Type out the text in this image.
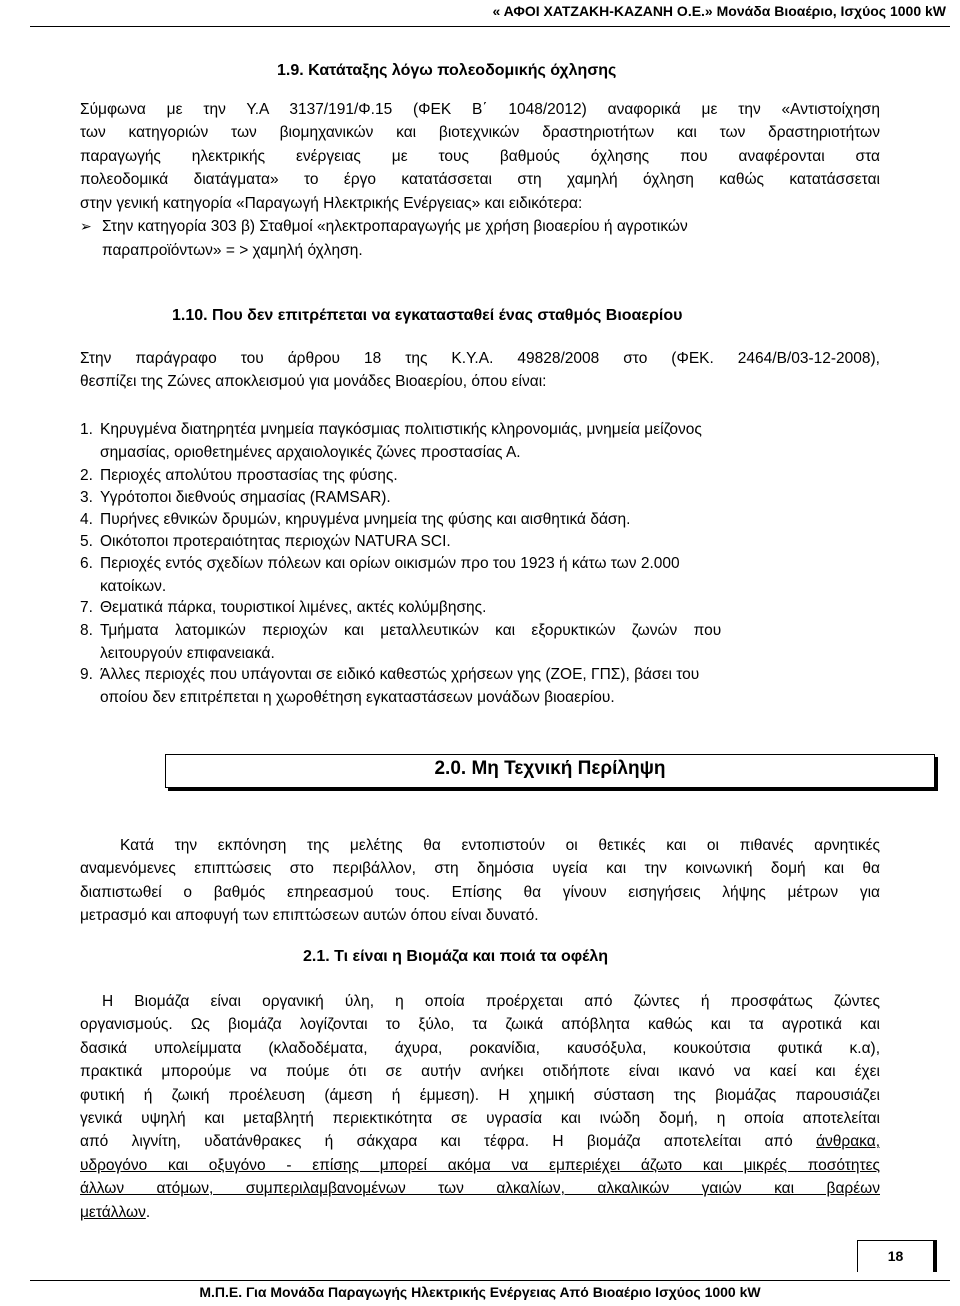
« ΑΦΟΙ ΧΑΤΖΑΚΗ-ΚΑΖΑΝΗ Ο.Ε.» Μονάδα Βιοαέριο, Ισχύος 1000 kW
1.9. Κατάταξης λόγω πολεοδομικής όχλησης
Σύμφωνα με την Υ.Α 3137/191/Φ.15 (ΦΕΚ Β΄ 1048/2012) αναφορικά με την «Αντιστοίχηση
των κατηγοριών των βιομηχανικών και βιοτεχνικών δραστηριοτήτων και των δραστηριοτήτων
παραγωγής ηλεκτρικής ενέργειας με τους βαθμούς όχλησης που αναφέρονται στα
πολεοδομικά διατάγματα» το έργο κατατάσσεται στη χαμηλή όχληση καθώς κατατάσσεται
στην γενική κατηγορία «Παραγωγή Ηλεκτρικής Ενέργειας» και ειδικότερα:
➢ Στην κατηγορία 303 β) Σταθμοί «ηλεκτροπαραγωγής με χρήση βιοαερίου ή αγροτικών
παραπροϊόντων» = > χαμηλή όχληση.
1.10. Που δεν επιτρέπεται να εγκατασταθεί ένας σταθμός Βιοαερίου
Στην παράγραφο του άρθρου 18 της Κ.Υ.Α. 49828/2008 στο (ΦΕΚ. 2464/Β/03-12-2008),
θεσπίζει της Ζώνες αποκλεισμού για μονάδες Βιοαερίου, όπου είναι:
1. Κηρυγμένα διατηρητέα μνημεία παγκόσμιας πολιτιστικής κληρονομιάς, μνημεία μείζονος
σημασίας, οριοθετημένες αρχαιολογικές ζώνες προστασίας Α.
2. Περιοχές απολύτου προστασίας της φύσης.
3. Υγρότοποι διεθνούς σημασίας (RAMSAR).
4. Πυρήνες εθνικών δρυμών, κηρυγμένα μνημεία της φύσης και αισθητικά δάση.
5. Οικότοποι προτεραιότητας περιοχών NATURA SCI.
6. Περιοχές εντός σχεδίων πόλεων και ορίων οικισμών προ του 1923 ή κάτω των 2.000
κατοίκων.
7. Θεματικά πάρκα, τουριστικοί λιμένες, ακτές κολύμβησης.
8. Τμήματα λατομικών περιοχών και μεταλλευτικών και εξορυκτικών ζωνών που
λειτουργούν επιφανειακά.
9. Άλλες περιοχές που υπάγονται σε ειδικό καθεστώς χρήσεων γης (ΖΟΕ, ΓΠΣ), βάσει του
οποίου δεν επιτρέπεται η χωροθέτηση εγκαταστάσεων μονάδων βιοαερίου.
2.0. Μη Τεχνική Περίληψη
Κατά την εκπόνηση της μελέτης θα εντοπιστούν οι θετικές και οι πιθανές αρνητικές
αναμενόμενες επιπτώσεις στο περιβάλλον, στη δημόσια υγεία και την κοινωνική δομή και θα
διαπιστωθεί ο βαθμός επηρεασμού τους. Επίσης θα γίνουν εισηγήσεις λήψης μέτρων για
μετρασμό και αποφυγή των επιπτώσεων αυτών όπου είναι δυνατό.
2.1. Τι είναι η Βιομάζα και ποιά τα οφέλη
Η Βιομάζα είναι οργανική ύλη, η οποία προέρχεται από ζώντες ή προσφάτως ζώντες
οργανισμούς. Ως βιομάζα λογίζονται το ξύλο, τα ζωικά απόβλητα καθώς και τα αγροτικά και
δασικά υπολείμματα (κλαδοδέματα, άχυρα, ροκανίδια, καυσόξυλα, κουκούτσια φυτικά κ.α),
πρακτικά μπορούμε να πούμε ότι σε αυτήν ανήκει οτιδήποτε είναι ικανό να καεί και έχει
φυτική ή ζωική προέλευση (άμεση ή έμμεση). Η χημική σύσταση της βιομάζας παρουσιάζει
γενικά υψηλή και μεταβλητή περιεκτικότητα σε υγρασία και ινώδη δομή, η οποία αποτελείται
από λιγνίτη, υδατάνθρακες ή σάκχαρα και τέφρα. Η βιομάζα αποτελείται από άνθρακα,
υδρογόνο και οξυγόνο - επίσης μπορεί ακόμα να εμπεριέχει άζωτο και μικρές ποσότητες
άλλων ατόμων, συμπεριλαμβανομένων των αλκαλίων, αλκαλικών γαιών και βαρέων
μετάλλων.
18
Μ.Π.Ε. Για Μονάδα Παραγωγής Ηλεκτρικής Ενέργειας Από Βιοαέριο Ισχύος 1000 kW
